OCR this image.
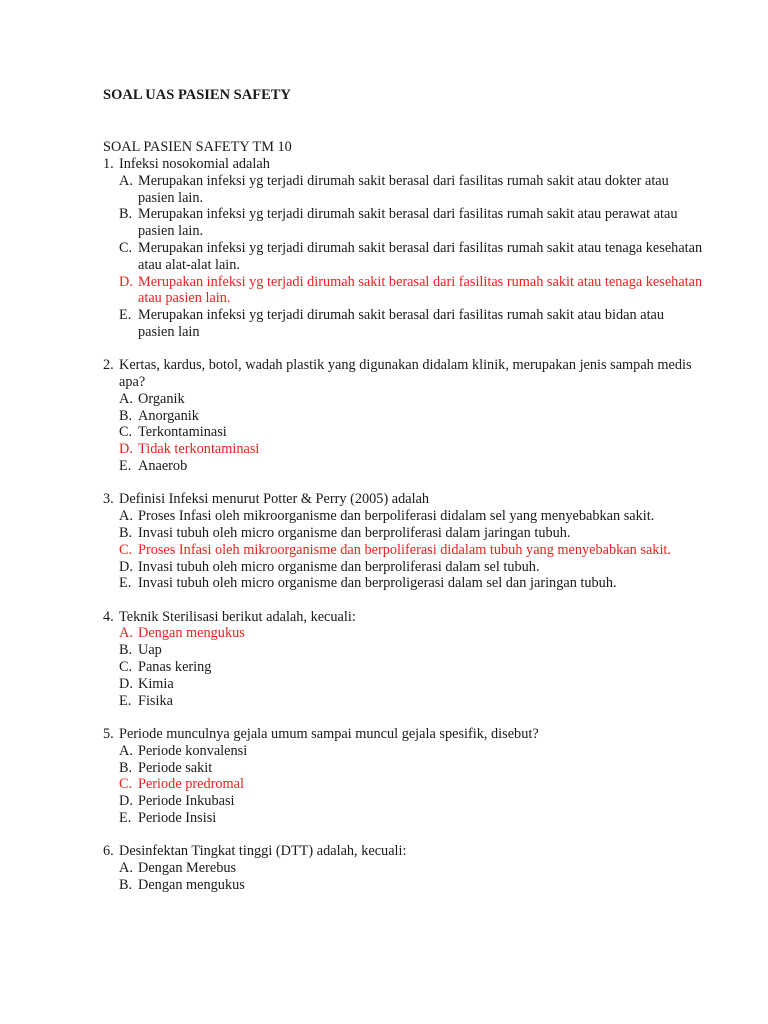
SOAL UAS PASIEN SAFETY

SOAL PASIEN SAFETY TM 10

1. Infeksi nosokomial adalah
A. Merupakan infeksi yg terjadi dirumah sakit berasal dari fasilitas rumah sakit atau dokter atau pasien lain.
B. Merupakan infeksi yg terjadi dirumah sakit berasal dari fasilitas rumah sakit atau perawat atau pasien lain.
C. Merupakan infeksi yg terjadi dirumah sakit berasal dari fasilitas rumah sakit atau tenaga kesehatan atau alat-alat lain.
D. Merupakan infeksi yg terjadi dirumah sakit berasal dari fasilitas rumah sakit atau tenaga kesehatan atau pasien lain.
E. Merupakan infeksi yg terjadi dirumah sakit berasal dari fasilitas rumah sakit atau bidan atau pasien lain
2. Kertas, kardus, botol, wadah plastik yang digunakan didalam klinik, merupakan jenis sampah medis apa?
A. Organik
B. Anorganik
C. Terkontaminasi
D. Tidak terkontaminasi
E. Anaerob
3. Definisi Infeksi menurut Potter & Perry (2005) adalah
A. Proses Infasi oleh mikroorganisme dan berpoliferasi didalam sel yang menyebabkan sakit.
B. Invasi tubuh oleh micro organisme dan berproliferasi dalam jaringan tubuh.
C. Proses Infasi oleh mikroorganisme dan berpoliferasi didalam tubuh yang menyebabkan sakit.
D. Invasi tubuh oleh micro organisme dan berproliferasi dalam sel tubuh.
E. Invasi tubuh oleh micro organisme dan berproligerasi dalam sel dan jaringan tubuh.
4. Teknik Sterilisasi berikut adalah, kecuali:
A. Dengan mengukus
B. Uap
C. Panas kering
D. Kimia
E. Fisika
5. Periode munculnya gejala umum sampai muncul gejala spesifik, disebut?
A. Periode konvalensi
B. Periode sakit
C. Periode predromal
D. Periode Inkubasi
E. Periode Insisi
6. Desinfektan Tingkat tinggi (DTT) adalah, kecuali:
A. Dengan Merebus
B. Dengan mengukus
